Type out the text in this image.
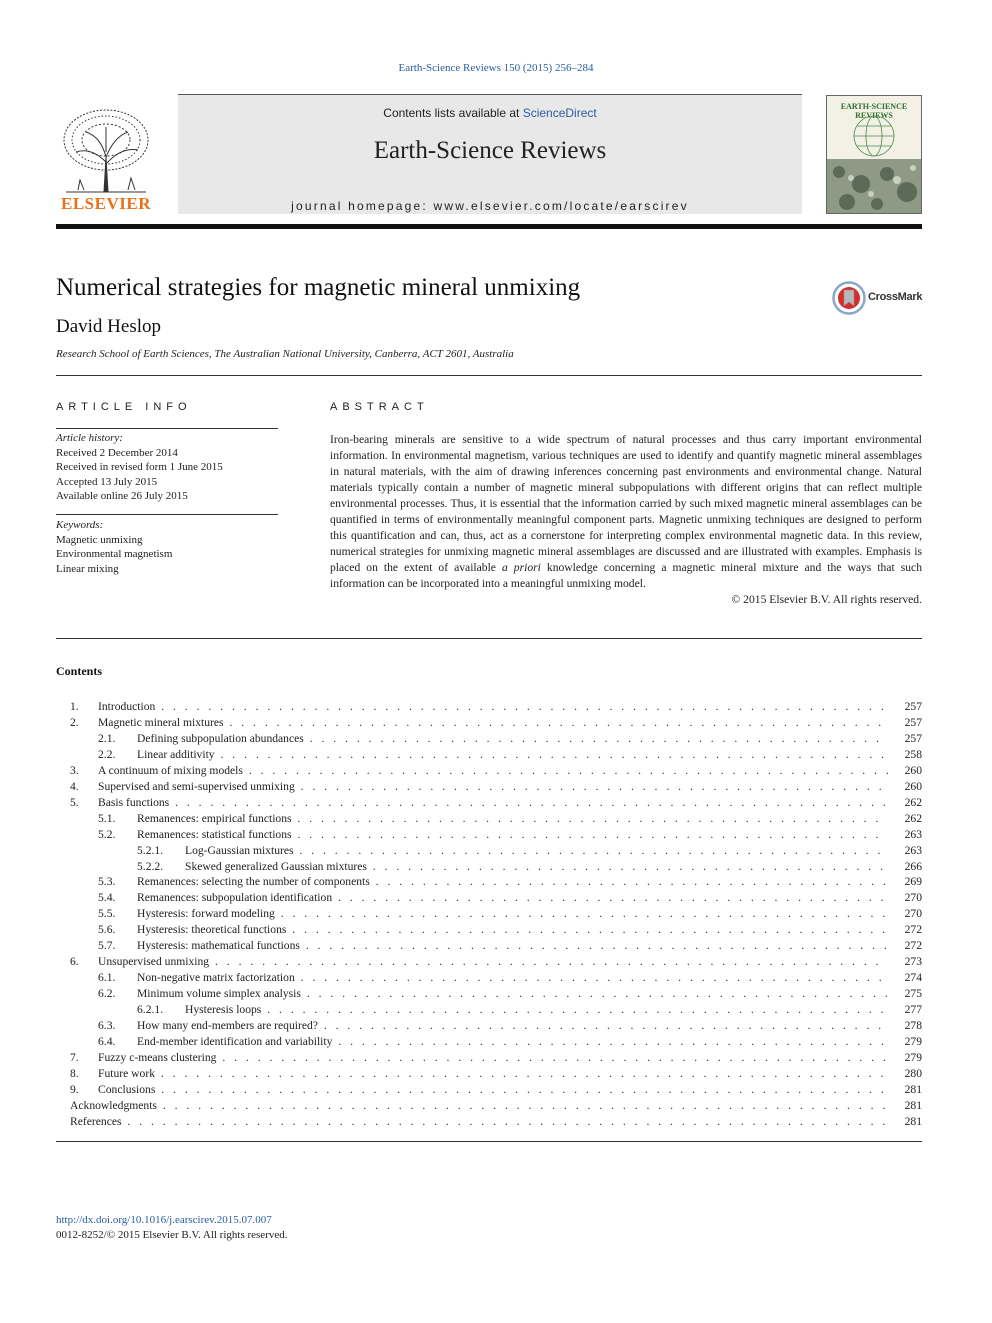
Earth-Science Reviews 150 (2015) 256–284
ELSEVIER
Contents lists available at ScienceDirect
Earth-Science Reviews
journal homepage: www.elsevier.com/locate/earscirev
EARTH-SCIENCE REVIEWS
Numerical strategies for magnetic mineral unmixing	CrossMark
David Heslop
Research School of Earth Sciences, The Australian National University, Canberra, ACT 2601, Australia
ARTICLE INFO	ABSTRACT
Article history:
Received 2 December 2014
Received in revised form 1 June 2015
Accepted 13 July 2015
Available online 26 July 2015
Keywords:
Magnetic unmixing
Environmental magnetism
Linear mixing
Iron-bearing minerals are sensitive to a wide spectrum of natural processes and thus carry important environmental information. In environmental magnetism, various techniques are used to identify and quantify magnetic mineral assemblages in natural materials, with the aim of drawing inferences concerning past environments and environmental change. Natural materials typically contain a number of magnetic mineral subpopulations with different origins that can reflect multiple environmental processes. Thus, it is essential that the information carried by such mixed magnetic mineral assemblages can be quantified in terms of environmentally meaningful component parts. Magnetic unmixing techniques are designed to perform this quantification and can, thus, act as a cornerstone for interpreting complex environmental magnetic data. In this review, numerical strategies for unmixing magnetic mineral assemblages are discussed and are illustrated with examples. Emphasis is placed on the extent of available a priori knowledge concerning a magnetic mineral mixture and the ways that such information can be incorporated into a meaningful unmixing model.
© 2015 Elsevier B.V. All rights reserved.
Contents
1. Introduction . . .	257
2. Magnetic mineral mixtures . . .	257
2.1. Defining subpopulation abundances . . .	257
2.2. Linear additivity . . .	258
3. A continuum of mixing models . . .	260
4. Supervised and semi-supervised unmixing . . .	260
5. Basis functions . . .	262
5.1. Remanences: empirical functions . . .	262
5.2. Remanences: statistical functions . . .	263
5.2.1. Log-Gaussian mixtures . . .	263
5.2.2. Skewed generalized Gaussian mixtures . . .	266
5.3. Remanences: selecting the number of components . . .	269
5.4. Remanences: subpopulation identification . . .	270
5.5. Hysteresis: forward modeling . . .	270
5.6. Hysteresis: theoretical functions . . .	272
5.7. Hysteresis: mathematical functions . . .	272
6. Unsupervised unmixing . . .	273
6.1. Non-negative matrix factorization . . .	274
6.2. Minimum volume simplex analysis . . .	275
6.2.1. Hysteresis loops . . .	277
6.3. How many end-members are required? . . .	278
6.4. End-member identification and variability . . .	279
7. Fuzzy c-means clustering . . .	279
8. Future work . . .	280
9. Conclusions . . .	281
Acknowledgments . . .	281
References . . .	281
http://dx.doi.org/10.1016/j.earscirev.2015.07.007
0012-8252/© 2015 Elsevier B.V. All rights reserved.
